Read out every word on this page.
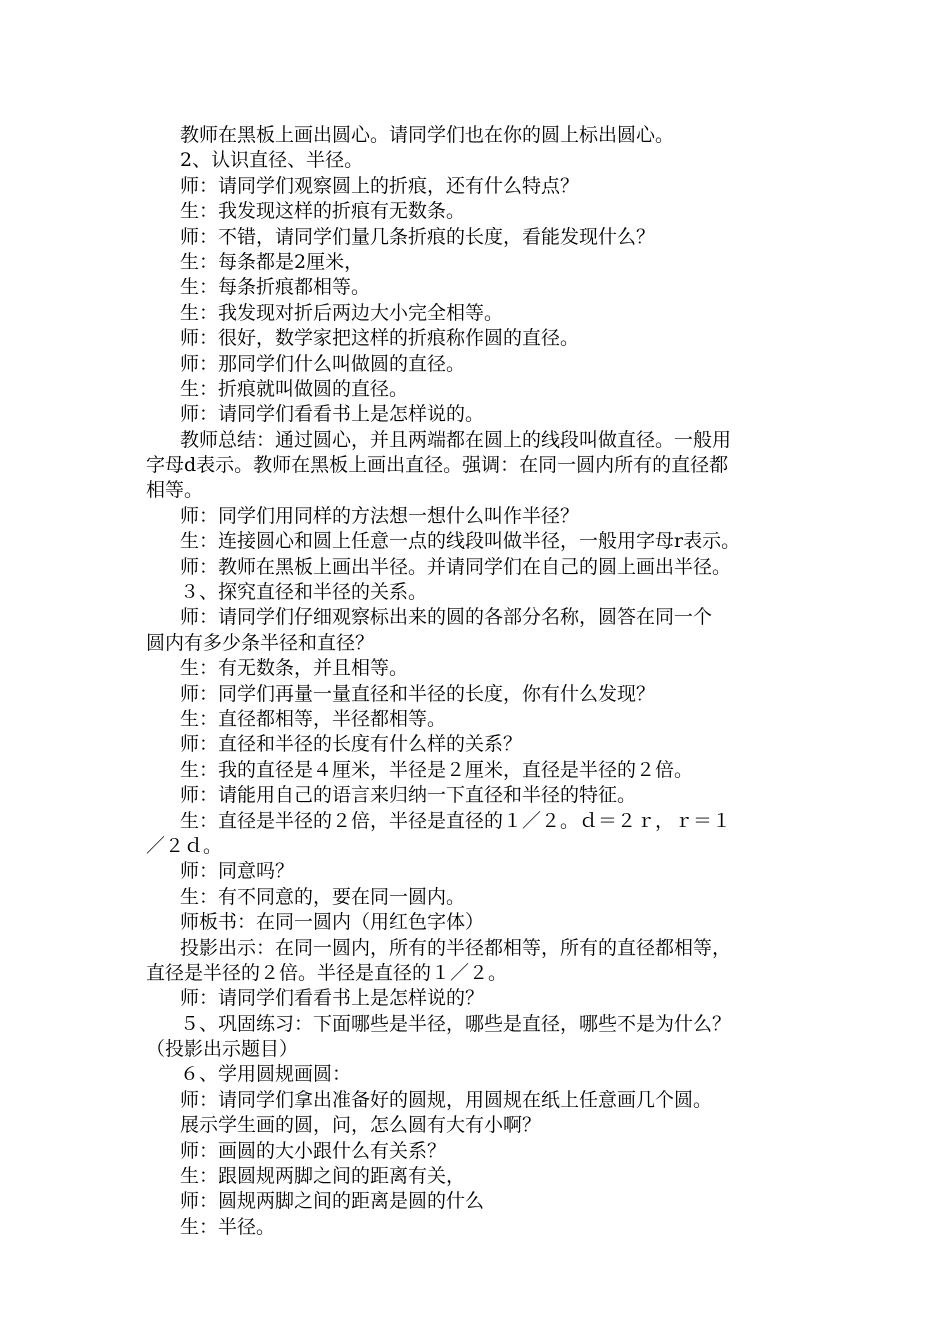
教师在黑板上画出圆心。请同学们也在你的圆上标出圆心。
2、认识直径、半径。
师：请同学们观察圆上的折痕，还有什么特点？
生：我发现这样的折痕有无数条。
师：不错，请同学们量几条折痕的长度，看能发现什么？
生：每条都是2厘米，
生：每条折痕都相等。
生：我发现对折后两边大小完全相等。
师：很好，数学家把这样的折痕称作圆的直径。
师：那同学们什么叫做圆的直径。
生：折痕就叫做圆的直径。
师：请同学们看看书上是怎样说的。
教师总结：通过圆心，并且两端都在圆上的线段叫做直径。一般用
字母d表示。教师在黑板上画出直径。强调：在同一圆内所有的直径都
相等。
师：同学们用同样的方法想一想什么叫作半径？
生：连接圆心和圆上任意一点的线段叫做半径，一般用字母r表示。
师：教师在黑板上画出半径。并请同学们在自己的圆上画出半径。
３、探究直径和半径的关系。
师：请同学们仔细观察标出来的圆的各部分名称，圆答在同一个
圆内有多少条半径和直径？
生：有无数条，并且相等。
师：同学们再量一量直径和半径的长度，你有什么发现？
生：直径都相等，半径都相等。
师：直径和半径的长度有什么样的关系？
生：我的直径是４厘米，半径是２厘米，直径是半径的２倍。
师：请能用自己的语言来归纳一下直径和半径的特征。
生：直径是半径的２倍，半径是直径的１／２。ｄ＝２ｒ，ｒ＝１
／２ｄ。
师：同意吗？
生：有不同意的，要在同一圆内。
师板书：在同一圆内（用红色字体）
投影出示：在同一圆内，所有的半径都相等，所有的直径都相等，
直径是半径的２倍。半径是直径的１／２。
师：请同学们看看书上是怎样说的？
５、巩固练习：下面哪些是半径，哪些是直径，哪些不是为什么？
（投影出示题目）
６、学用圆规画圆：
师：请同学们拿出准备好的圆规，用圆规在纸上任意画几个圆。
展示学生画的圆，问，怎么圆有大有小啊？
师：画圆的大小跟什么有关系？
生：跟圆规两脚之间的距离有关，
师：圆规两脚之间的距离是圆的什么
生：半径。
